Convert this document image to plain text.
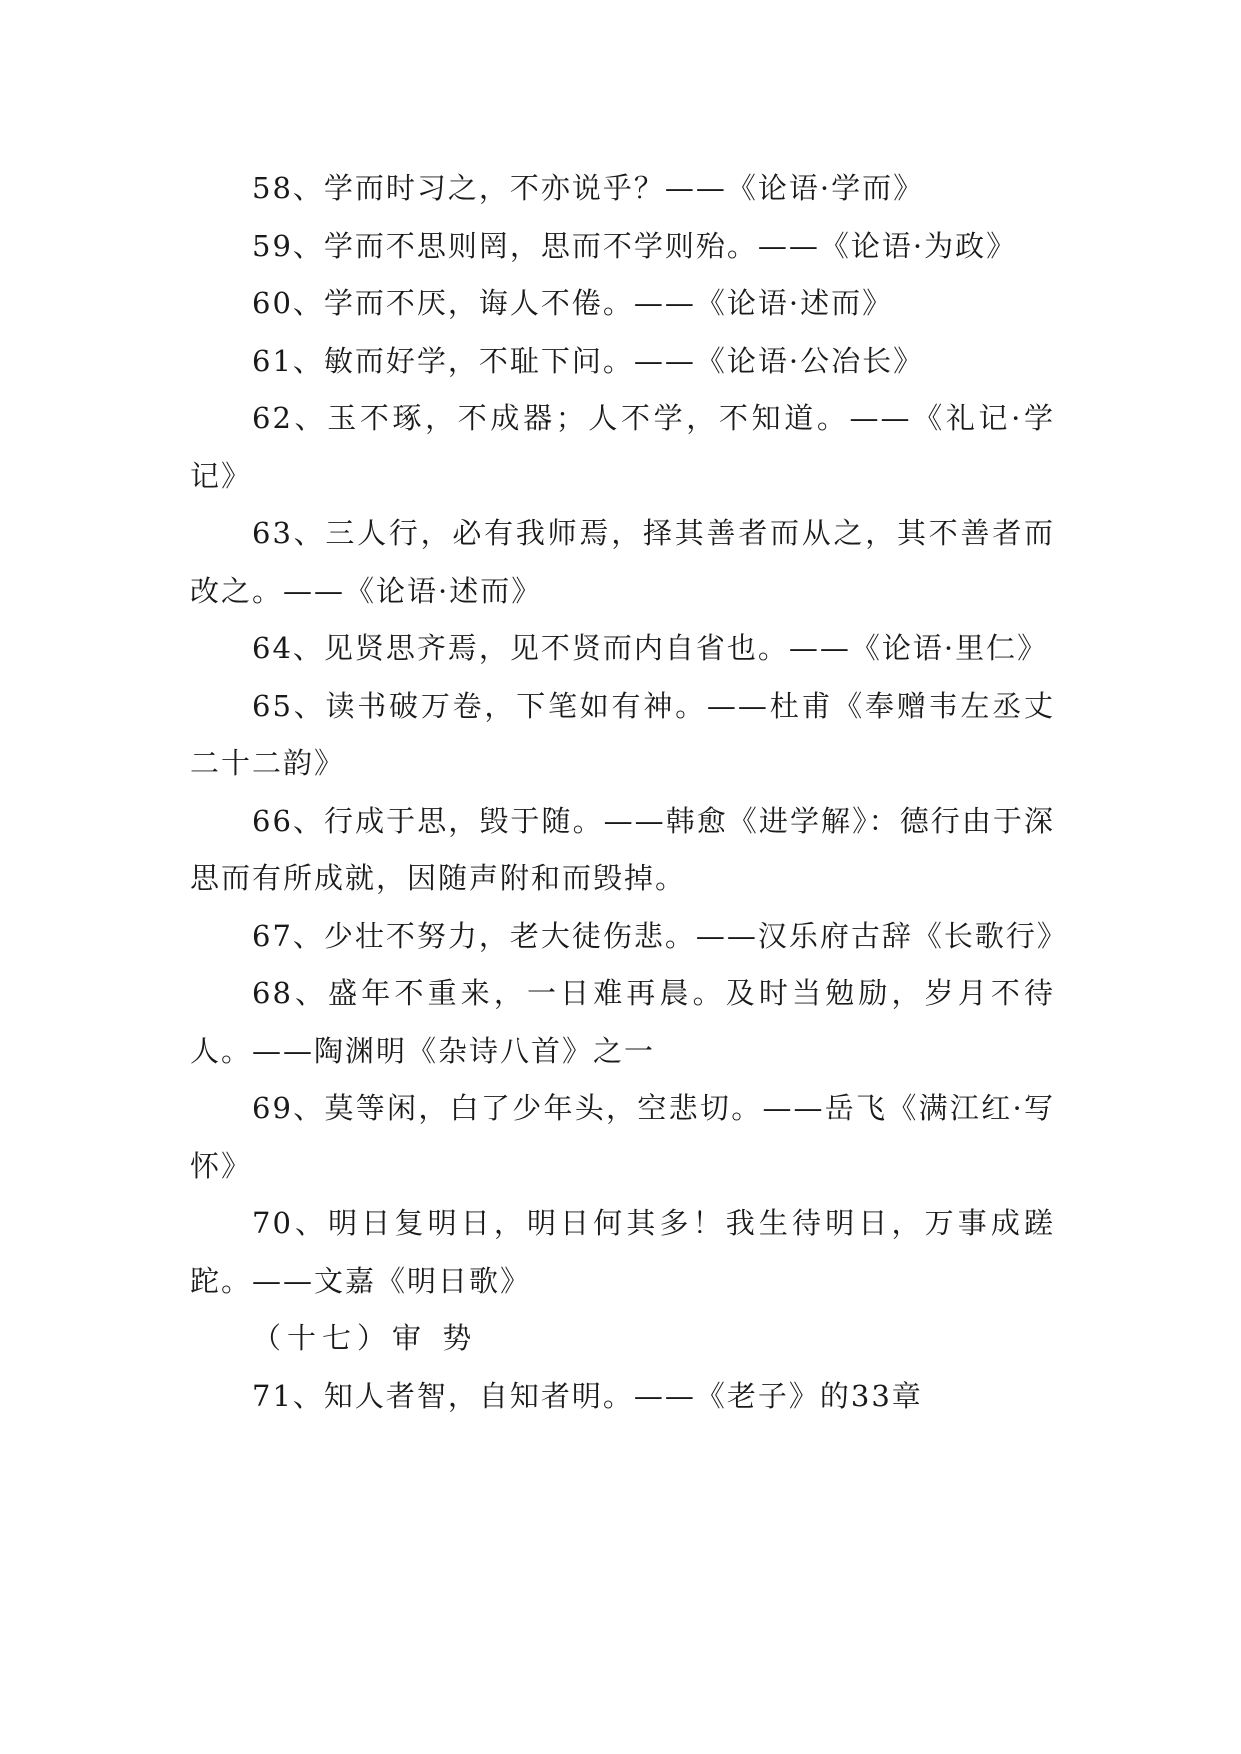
58、学而时习之，不亦说乎？——《论语·学而》

59、学而不思则罔，思而不学则殆。——《论语·为政》

60、学而不厌，诲人不倦。——《论语·述而》

61、敏而好学，不耻下问。——《论语·公冶长》

62、玉不琢，不成器；人不学，不知道。——《礼记·学记》

63、三人行，必有我师焉，择其善者而从之，其不善者而改之。——《论语·述而》

64、见贤思齐焉，见不贤而内自省也。——《论语·里仁》

65、读书破万卷，下笔如有神。——杜甫《奉赠韦左丞丈二十二韵》

66、行成于思，毁于随。——韩愈《进学解》：德行由于深思而有所成就，因随声附和而毁掉。

67、少壮不努力，老大徒伤悲。——汉乐府古辞《长歌行》

68、盛年不重来，一日难再晨。及时当勉励，岁月不待人。——陶渊明《杂诗八首》之一

69、莫等闲，白了少年头，空悲切。——岳飞《满江红·写怀》

70、明日复明日，明日何其多！我生待明日，万事成蹉跎。——文嘉《明日歌》

（十七）审 势

71、知人者智，自知者明。——《老子》的33章
